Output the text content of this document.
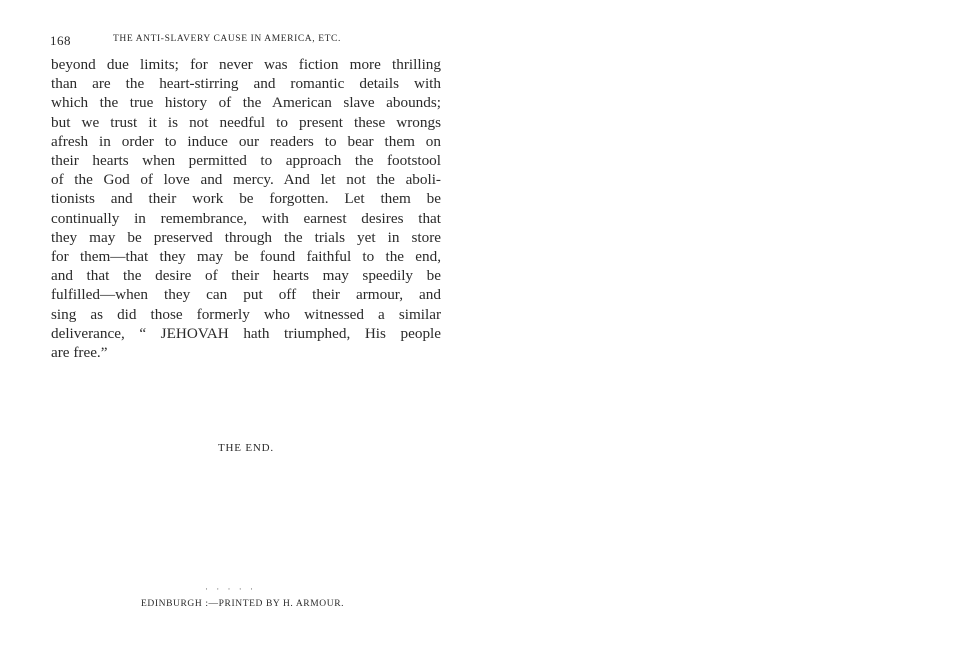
168	THE ANTI-SLAVERY CAUSE IN AMERICA, ETC.
beyond due limits; for never was fiction more thrilling
than are the heart-stirring and romantic details with
which the true history of the American slave abounds;
but we trust it is not needful to present these wrongs
afresh in order to induce our readers to bear them on
their hearts when permitted to approach the footstool
of the God of love and mercy. And let not the aboli-
tionists and their work be forgotten. Let them be
continually in remembrance, with earnest desires that
they may be preserved through the trials yet in store
for them—that they may be found faithful to the end,
and that the desire of their hearts may speedily be
fulfilled—when they can put off their armour, and
sing as did those formerly who witnessed a similar
deliverance, “ JEHOVAH hath triumphed, His people
are free.”
THE END.
· · · · ·
EDINBURGH :—PRINTED BY H. ARMOUR.
